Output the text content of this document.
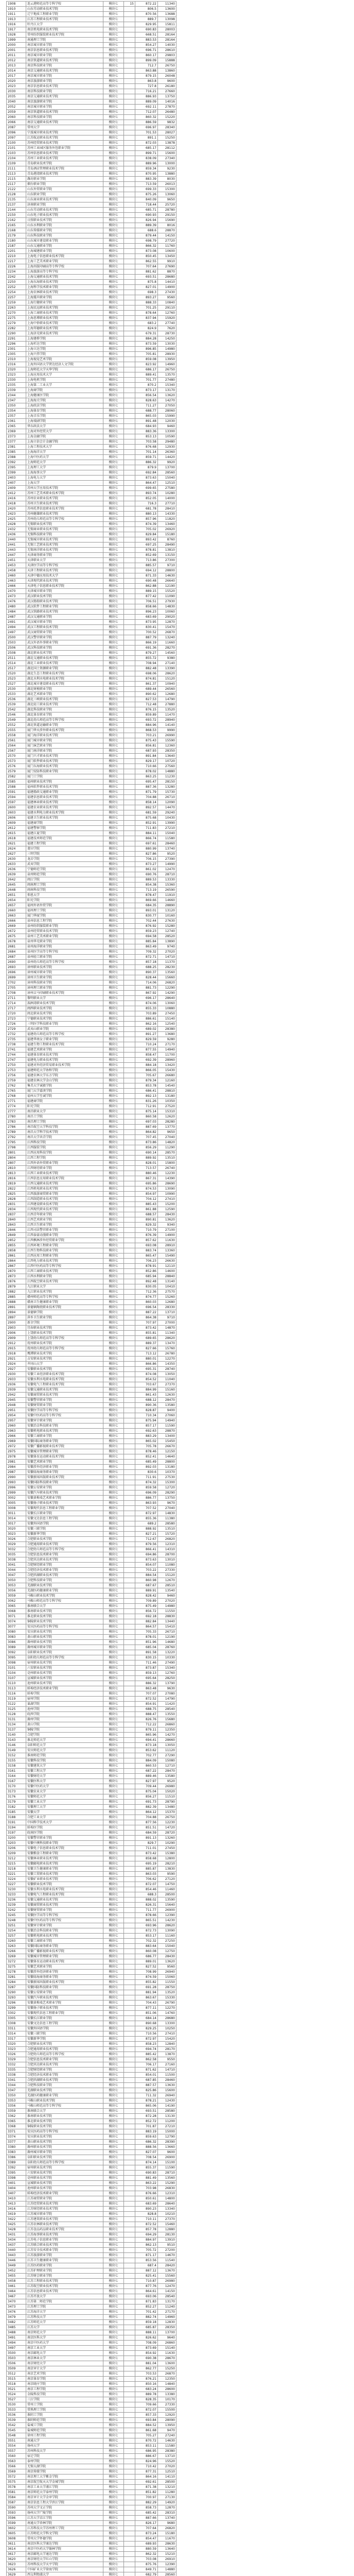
1908	连云港师范高等专科学校	模块七	15	872.22	11340
1910	山东劳动职业技术学院	模块七		806.5	13600
1911	辽宁地质工程职业学院	模块七		870.56	13688
1913	江苏工程职业技术学院	模块七		889.7	13098
1916	牡丹江大学	模块七		829.95	15811
1917	南京机电职业技术学院	模块七		690.83	28003
1928	常州纺织服装职业技术学院	模块七		668.51	28164
1999	南通理工学院	模块七		883.53	28164
2000	南京城市职业学院	模块七		854.27	14030
2001	南京信息职业技术学院	模块七		696.71	28610
2011	南京城市职业学院	模块七		860.17	29803
2012	南京铁道职业技术学院	模块七		899.09	15888
2013	南京科技职业学院	模块七		712.7	26750
2014	南京交通职业技术学院	模块七		863.88	13860
2017	南京城市职业学院	模块七		879.15	26048
2020	南京旅游职业学院	模块七		863.8	9600
2023	南京信息职业技术学院	模块七		727.8	26180
2030	南京科技职业学院	模块七		716.21	27660
2035	南京交通职业技术学院	模块七		886.93	13750
2040	南京旅游职业学院	模块七		889.09	14016
2052	南京城市职业学院	模块七		692.11	27870
2059	南京铁道职业技术学院	模块七		712.07	26480
2060	南京科技职业学院	模块七		860.32	15220
2066	南京交通职业技术学院	模块七		886.59	9832
2087	常州大学	模块七		696.97	28340
2096	宁波城市职业技术学院	模块七		701.53	28027
2097	江苏航运职业技术学院	模块七		891.1	15250
2100	苏州经贸职业技术学院	模块七		872.03	13878
2101	苏州工业园区服务外包职业学院	模块七		685.17	28112
2103	苏州信息职业技术学院	模块七		899.71	15600
2104	苏州工业职业技术学院	模块七		838.09	27340
2109	青岛职业技术学院	模块七		889.96	13000
2111	青岛酒店管理职业技术学院	模块七		859.34	9230
2113	青岛港湾职业技术学院	模块七		870.95	13880
2115	潍坊职业学院	模块七		883.39	8030
2117	烟台职业学院	模块七		713.59	26013
2122	山东外贸职业学院	模块七		699.33	15300
2128	山东职业学院	模块七		875.26	13060
2135	山东商业职业技术学院	模块七		840.09	9650
2137	济南职业学院	模块七		718.44	25720
2144	山东劳动职业技术学院	模块七		685.71	28780
2150	山东电子职业技术学院	模块七		690.93	29150
2162	日照职业技术学院	模块七		826.94	15690
2165	山东水利职业学院	模块七		889.39	8016
2168	山东传媒职业学院	模块七		688.6	28870
2179	山东科技职业学院	模块七		879.44	14150
2180	山东城市建设职业学院	模块七		698.79	27720
2187	山东交通职业学院	模块七		866.32	11760
2201	上海城建职业学院	模块七		873.08	10600
2210	上海电子信息职业技术学院	模块七		850.45	13450
2217	上海工艺美术职业学院	模块七		862.55	9910
2226	上海出版印刷高等专科学校	模块七		707.64	27690
2234	上海旅游高等专科学校	模块七		881.62	8870
2242	上海交通职业技术学院	模块七		693.51	28680
2250	上海东海职业技术学院	模块七		875.8	14410
2252	上海科学技术职业学院	模块七		827.01	14900
2254	上海农林职业技术学院	模块七		698.3	27430
2257	上海震旦职业学院	模块七		893.27	9560
2259	上海行健职业学院	模块七		888.33	10840
2263	上海民远职业技术学院	模块七		701.25	29110
2270	上海工商职业技术学院	模块七		878.64	12760
2275	上海思博职业技术学院	模块七		837.94	15920
2279	上海中侨职业技术学院	模块七		683.2	27740
2282	上海邦德职业技术学院	模块七		824.9	7620
2290	上海济光职业技术学院	模块七		679.31	28730
2291	上海建桥学院	模块七		884.28	14250
2296	上海杉达学院	模块七		873.59	13030
2301	上海立达学院	模块七		896.85	14980
2305	上海兴伟学院	模块七		705.81	28930
2310	上海视觉艺术学院	模块七		859.08	13950
2316	上海外国语大学贤达经济人文学院	模块七		823.92	14960
2320	上海师范大学天华学院	模块七		686.17	26750
2323	上海应用技术大学	模块七		889.41	13570
2330	上海电机学院	模块七		701.77	27480
2335	上海第二工业大学	模块七		870.2	15340
2339	上海商学院	模块七		873.17	13170
2344	上海健康医学院	模块七		856.54	13620
2347	上海海关学院	模块七		828.63	14270
2350	上海政法学院	模块七		711.27	27050
2354	上海体育学院	模块七		688.77	28060
2357	上海音乐学院	模块七		865.03	15990
2361	上海戏剧学院	模块七		891.48	12030
2365	华东政法大学	模块七		684.93	9460
2369	上海对外经贸大学	模块七		883.36	13300
2373	上海金融学院	模块七		853.13	10590
2377	上海立信会计金融学院	模块七		703.58	29480
2381	上海工程技术大学	模块七		876.68	12930
2385	上海海洋大学	模块七		701.14	26360
2388	上海中医药大学	模块七		859.71	14420
2392	上海师范大学	模块七		886.32	9920
2395	上海理工大学	模块七		879.9	13700
2399	上海海事大学	模块七		692.84	28560
2403	上海电力大学	模块七		873.63	15040
2407	上海大学	模块七		864.47	12510
2409	苏州大学应用技术学院	模块七		699.65	27580
2412	苏州工艺美术职业技术学院	模块七		893.74	10280
2416	苏州农业职业技术学院	模块七		852.05	14000
2418	苏州卫生职业技术学院	模块七		716.3	27710
2420	苏州托普信息职业技术学院	模块七		681.78	28410
2423	苏州健雄职业技术学院	模块七		880.13	14330
2425	苏州幼儿师范高等专科学校	模块七		857.96	11820
2428	无锡职业技术学院	模块七		874.39	13460
2432	无锡商业职业技术学院	模块七		705.02	26920
2436	无锡科技职业学院	模块七		829.84	15180
2440	无锡城市职业技术学院	模块七		893.42	8760
2441	无锡工艺职业技术学院	模块七		697.25	28490
2443	无锡南洋职业技术学院	模块七		878.81	13810
2447	天津商务职业学院	模块七		852.69	13150
2451	天津职业大学	模块七		713.86	27300
2453	天津医学高等专科学校	模块七		885.57	9710
2458	天津工程职业技术学院	模块七		694.12	28800
2460	天津中德应用技术大学	模块七		871.33	14630
2463	天津现代职业技术学院	模块七		690.48	26640
2466	天津电子信息职业技术学院	模块七		862.88	12190
2470	天津城市职业学院	模块七		889.15	15520
2473	武汉职业技术学院	模块七		877.42	11090
2476	武汉船舶职业技术学院	模块七		706.51	27930
2480	武汉软件工程职业学院	模块七		858.66	14830
2484	武汉铁路职业技术学院	模块七		896.23	10060
2487	武汉交通职业学院	模块七		683.69	29020
2491	武汉城市职业学院	模块七		873.95	12870
2494	武汉工程职业技术学院	模块七		830.41	15470
2497	武汉商贸职业学院	模块七		700.52	26870
2500	武汉警官职业学院	模块七		887.79	13240
2503	武汉外语外事职业学院	模块七		866.19	11660
2506	武汉科技职业学院	模块七		691.36	28270
2508	湖北职业技术学院	模块七		879.27	14560
2511	湖北交通职业技术学院	模块七		855.72	9380
2514	湖北工业职业技术学院	模块七		708.94	27140
2517	湖北国土资源职业学院	模块七		882.48	13390
2520	湖北生态工程职业技术学院	模块七		698.06	28620
2523	湖北水利水电职业技术学院	模块七		874.81	15120
2527	湖北城市建设职业技术学院	模块七		861.37	10940
2530	湖北财税职业学院	模块七		689.44	26560
2533	湖北艺术职业学院	模块七		890.62	12680
2536	湖北三峡职业技术学院	模块七		827.53	14790
2539	湖北轻工职业技术学院	模块七		712.48	27880
2542	湖北科技职业学院	模块七		876.15	13520
2546	湖北体育职业学院	模块七		859.89	11470
2549	湖北幼儿师范高等专科学校	模块七		693.72	28940
2552	湖北铁道运输职业学院	模块七		884.96	14140
2555	厦门华天涉外职业技术学院	模块七		868.53	9990
2558	厦门海洋职业技术学院	模块七		703.21	26990
2561	厦门城市职业学院	模块七		875.43	15590
2564	厦门演艺职业学院	模块七		856.81	12360
2567	厦门南洋职业学院	模块七		687.93	28350
2570	厦门兴才职业技术学院	模块七		891.84	13640
2573	厦门软件职业技术学院	模块七		829.17	10720
2576	厦门东海职业技术学院	模块七		710.66	27560
2579	厦门安防科技职业学院	模块七		878.02	14880
2582	厦门工学院	模块七		863.25	11230
2585	福州职业技术学院	模块七		695.47	28150
2588	福州软件职业技术学院	模块七		887.36	13280
2591	福建船政交通职业学院	模块七		871.79	15730
2594	福建信息职业技术学院	模块七		704.88	26710
2597	福建林业职业技术学院	模块七		858.14	12090
2600	福建农业职业技术学院	模块七		892.57	14470
2603	福建水利电力职业技术学院	模块七		681.59	29240
2606	福建卫生职业技术学院	模块七		875.68	10430
2609	福建商学院	模块七		852.91	13990
2612	福建警察学院	模块七		711.83	27210
2615	福建江夏学院	模块七		884.11	15040
2618	福建技术师范学院	模块七		866.74	11580
2621	福建工程学院	模块七		697.61	28460
2624	莆田学院	模块七		880.99	13740
2627	三明学院	模块七		827.86	9520
2630	龙岩学院	模块七		706.15	27390
2633	武夷学院	模块七		873.27	14990
2636	宁德师范学院	模块七		861.02	12470
2639	泉州师范学院	模块七		690.76	28710
2642	闽江学院	模块七		889.53	13330
2645	闽南理工学院	模块七		854.38	15360
2648	闽南科技学院	模块七		713.19	26590
2651	仰恩大学	模块七		878.47	11910
2654	阳光学院	模块七		869.66	14660
2657	福州外语外贸学院	模块七		684.35	28890
2660	福州理工学院	模块七		893.01	13120
2663	厦门华厦学院	模块七		830.77	10160
2666	泉州信息工程学院	模块七		702.44	27630
2669	泉州纺织服装职业学院	模块七		876.92	15280
2672	泉州经贸职业技术学院	模块七		859.23	12740
2675	泉州工艺美术职业学院	模块七		694.58	28520
2678	泉州华光职业学院	模块七		885.84	13890
2681	泉州海洋职业学院	模块七		863.49	9740
2684	泉州医学高等专科学校	模块七		709.32	27020
2687	泉州轻工职业学院	模块七		872.71	14710
2690	泉州幼儿师范高等专科学校	模块七		857.18	11370
2693	漳州职业技术学院	模块七		688.25	28230
2696	漳州城市职业学院	模块七		890.37	13560
2699	漳州卫生职业学院	模块七		828.44	15660
2702	漳州科技职业学院	模块七		714.06	26820
2705	漳州理工职业学院	模块七		881.73	12290
2708	漳州吉马印刷职业技术学院	模块七		867.92	14290
2711	黎明职业大学	模块七		696.17	28640
2714	湄洲湾职业技术学院	模块七		874.06	13060
2717	闽西职业技术学院	模块七		855.33	10880
2720	闽北职业技术学院	模块七		703.89	27450
2723	宁德职业技术学院	模块七		886.61	15140
2726	三明医学科技职业学院	模块七		862.16	12540
2729	武夷山职业学院	模块七		689.02	28380
2732	福建幼儿师范高等专科学校	模块七		891.27	13680
2735	福建华南女子职业学院	模块七		829.59	9280
2738	福建生物工程职业技术学院	模块七		710.24	27170
2741	福建艺术职业学院	模块七		877.55	14940
2744	福建体育职业技术学院	模块七		858.47	11700
2747	福建电力职业技术学院	模块七		692.39	28960
2750	福建对外经济贸易职业技术学院	模块七		884.18	13420
2753	福建师范大学协和学院	模块七		866.05	15430
2756	福建农林大学东方学院	模块七		705.67	26680
2759	福建农林大学金山学院	模块七		879.34	12160
2762	集美大学诚毅学院	模块七		853.78	14540
2765	厦门大学嘉庚学院	模块七		686.41	28810
2768	福州大学至诚学院	模块七		892.13	13180
2771	福建商学院	模块七		831.26	10350
2774	阳光学院	模块七		712.91	27520
2777	南昌职业大学	模块七		875.14	15310
2780	南昌工学院	模块七		860.58	12620
2783	南昌理工学院	模块七		697.03	28280
2786	南昌航空大学科技学院	模块七		887.69	13770
2789	南昌大学科学技术学院	模块七		864.82	9650
2792	南昌大学共青学院	模块七		707.45	27040
2795	江西科技学院	模块七		873.86	14820
2798	江西服装学院	模块七		856.29	11290
2801	江西应用科技学院	模块七		690.14	28570
2804	江西工程学院	模块七		889.92	13510
2807	江西外语外贸职业学院	模块七		828.01	15800
2810	江西财经职业学院	模块七		713.57	26740
2813	江西工业职业技术学院	模块七		880.46	12230
2816	江西信息应用职业技术学院	模块七		867.31	14390
2819	江西交通职业技术学院	模块七		695.86	28690
2822	江西机电职业技术学院	模块七		874.53	13090
2825	江西旅游商贸职业学院	模块七		854.97	10990
2828	江西制造职业技术学院	模块七		704.12	27410
2831	江西建设职业技术学院	模块七		885.43	15200
2834	江西现代职业技术学院	模块七		861.88	12590
2837	江西青年职业学院	模块七		688.57	28430
2840	江西艺术职业学院	模块七		890.81	13620
2843	江西卫生职业学院	模块七		829.32	9340
2846	江西司法警官职业学院	模块七		710.79	27100
2849	江西泰豪动漫职业学院	模块七		876.39	14900
2852	江西枫林涉外经贸职业学院	模块七		857.62	11630
2855	江西环境工程职业学院	模块七		693.08	28910
2858	江西生物科技职业学院	模块七		883.74	13360
2861	江西应用工程职业学院	模块七		865.47	15490
2864	江西电力职业技术学院	模块七		706.23	26630
2867	江西中医药高等专科学校	模块七		878.91	12110
2870	江西工商职业技术学院	模块七		852.86	14600
2873	江西水利职业学院	模块七		685.94	28840
2876	江西航空职业技术学院	模块七		892.48	13140
2879	九江职业大学	模块七		830.05	10410
2882	九江职业技术学院	模块七		712.36	27570
2885	赣州师范高等专科学校	模块七		874.77	15260
2888	赣南卫生健康职业学院	模块七		860.03	12680
2891	景德镇陶瓷职业技术学院	模块七		696.54	28330
2894	景德镇学院	模块七		887.22	13710
2897	萍乡卫生职业学院	模块七		864.38	9710
2900	新余学院	模块七		707.97	27000
2903	宜春职业技术学院	模块七		873.42	14870
2906	上饶职业技术学院	模块七		855.81	11340
2909	上饶幼儿师范高等专科学校	模块七		689.65	28620
2912	抚州职业技术学院	模块七		889.37	13470
2915	抚州幼儿师范高等专科学校	模块七		827.66	15760
2918	鹰潭职业技术学院	模块七		713.12	26780
2921	吉安职业技术学院	模块七		880.01	12270
2924	井冈山大学	模块七		866.86	14350
2927	安徽职业技术学院	模块七		695.31	28740
2930	安徽工业经济职业技术学院	模块七		874.08	13050
2933	安徽水利水电职业技术学院	模块七		854.52	11040
2936	安徽电气工程职业技术学院	模块七		703.67	27370
2939	安徽交通职业技术学院	模块七		884.99	15160
2942	安徽商贸职业技术学院	模块七		861.43	12630
2945	安徽警官职业学院	模块七		688.12	28470
2948	安徽财贸职业学院	模块七		890.36	13580
2951	安徽医学高等专科学校	模块七		828.87	9400
2954	安徽中医药高等专科学校	模块七		710.34	27060
2957	安徽审计职业学院	模块七		875.94	14940
2960	安徽冶金科技职业学院	模块七		857.17	11590
2963	安徽机电职业技术学院	模块七		692.63	28870
2966	安徽工商职业学院	模块七		883.29	13400
2969	安徽国际商务职业学院	模块七		865.02	15450
2972	安徽广播影视职业技术学院	模块七		705.78	26670
2975	安徽城市管理职业学院	模块七		878.46	12150
2978	安徽体育运动职业技术学院	模块七		852.41	14640
2981	安徽艺术职业学院	模块七		685.49	28800
2984	安徽涉外经济职业学院	模块七		892.03	13180
2987	安徽绿海商务职业学院	模块七		830.6	10370
2990	安徽新闻出版职业技术学院	模块七		711.91	27530
2993	安徽国防科技职业学院	模块七		874.32	15300
2996	安徽公安职业学院	模块七		859.58	12720
2999	安徽汽车职业技术学院	模块七		696.09	28290
3002	安徽黄梅戏艺术职业学院	模块七		886.77	13750
3005	安徽扬子职业技术学院	模块七		863.93	9670
3008	安徽现代信息工程职业学院	模块七		707.52	27040
3011	安徽长江职业学院	模块七		872.97	14830
3014	安徽文达信息工程学院	模块七		855.36	11380
3017	安徽外国语学院	模块七		689.2	28580
3020	安徽三联学院	模块七		888.92	13510
3023	安徽新华学院	模块七		827.21	15720
3026	合肥职业技术学院	模块七		712.67	26820
3029	合肥通用职业技术学院	模块七		879.56	12310
3032	合肥幼儿师范高等专科学校	模块七		866.41	14310
3035	合肥信息技术职业学院	模块七		694.86	28700
3038	合肥共达职业技术学院	模块七		873.63	13010
3041	合肥财经职业学院	模块七		854.07	11080
3044	合肥经济技术职业学院	模块七		703.22	27330
3047	合肥滨湖职业技术学院	模块七		884.54	15120
3050	合肥科技职业学院	模块七		860.98	12670
3053	芜湖职业技术学院	模块七		687.67	28510
3056	芜湖医药健康职业学院	模块七		889.91	13540
3059	马鞍山职业技术学院	模块七		828.42	9460
3062	马鞍山师范高等专科学校	模块七		709.89	27020
3065	淮南联合大学	模块七		875.49	14980
3068	淮南职业技术学院	模块七		856.72	11550
3071	淮北职业技术学院	模块七		692.18	28830
3074	铜陵职业技术学院	模块七		882.84	13440
3077	安庆医药高等专科学校	模块七		864.57	15410
3080	安庆职业技术学院	模块七		705.33	26710
3083	黄山职业技术学院	模块七		878.01	12190
3086	滁州职业技术学院	模块七		851.96	14680
3089	滁州城市职业学院	模块七		685.04	28760
3092	阜阳职业技术学院	模块七		891.58	13220
3095	阜阳幼儿师范高等专科学校	模块七		830.15	10330
3098	宿州职业技术学院	模块七		711.46	27490
3101	六安职业技术学院	模块七		873.87	15340
3104	亳州职业技术学院	模块七		859.13	12760
3107	宣城职业技术学院	模块七		695.64	28250
3110	池州职业技术学院	模块七		886.32	13790
3113	蚌埠经济技术职业学院	模块七		863.48	9630
3116	蚌埠学院	模块七		707.07	27080
3119	宿州学院	模块七		872.52	14790
3122	巢湖学院	模块七		854.91	11420
3125	池州学院	模块七		688.75	28540
3128	皖西学院	模块七		888.47	13550
3131	滁州学院	模块七		826.76	15680
3134	黄山学院	模块七		712.22	26860
3137	铜陵学院	模块七		879.11	12350
3140	合肥学院	模块七		865.96	14270
3143	淮北师范大学	模块七		694.41	28660
3146	阜阳师范大学	模块七		873.18	13050
3149	安庆师范大学	模块七		853.62	11120
3152	淮南师范学院	模块七		702.77	27290
3155	安徽科技学院	模块七		884.09	15080
3158	安徽建筑大学	模块七		860.53	12710
3161	安徽工程大学	模块七		687.22	28470
3164	安徽财经大学	模块七		889.46	13580
3167	安徽医科大学	模块七		827.97	9520
3170	安徽中医药大学	模块七		709.44	26980
3173	安徽农业大学	模块七		875.04	15020
3176	安徽师范大学	模块七		856.27	11510
3179	安徽工业大学	模块七		691.73	28790
3182	安徽理工大学	模块七		882.39	13480
3185	安徽大学	模块七		864.12	15370
3188	合肥工业大学	模块七		704.88	26750
3191	中国科学技术大学	模块七		877.56	12230
3194	蚌埠医学院	模块七		851.51	14720
3197	皖南医学院	模块七		684.59	28720
3200	安徽警官职业学院	模块七		891.13	13260
3203	安徽中澳科技职业学院	模块七		829.7	10290
3206	安徽电子信息职业技术学院	模块七		711.01	27450
3209	安徽粮食工程职业学院	模块七		873.42	15380
3212	安徽林业职业技术学院	模块七		858.68	12800
3215	安徽邮电职业技术学院	模块七		695.19	28210
3218	安徽卫生健康职业学院	模块七		885.87	13830
3221	安徽工贸职业技术学院	模块七		863.03	9590
3224	安徽矿业职业技术学院	模块七		706.62	27120
3227	安徽职业技术学院	模块七		872.07	14750
3230	安徽水利水电职业技术学院	模块七		854.46	11460
3233	安徽电气工程职业技术学院	模块七		688.3	28500
3236	安徽交通职业技术学院	模块七		888.02	13590
3239	安徽商贸职业技术学院	模块七		826.31	15640
3242	安徽财贸职业学院	模块七		711.77	26900
3245	安徽医学高等专科学校	模块七		878.66	12390
3248	安徽中医药高等专科学校	模块七		865.51	14230
3251	安徽审计职业学院	模块七		693.96	28620
3254	安徽冶金科技职业学院	模块七		872.73	13090
3257	安徽机电职业技术学院	模块七		853.17	11160
3260	安徽工商职业学院	模块七		702.32	27250
3263	安徽国际商务职业学院	模块七		883.64	15040
3266	安徽广播影视职业技术学院	模块七		860.08	12750
3269	安徽城市管理职业学院	模块七		686.77	28430
3272	安徽体育运动职业技术学院	模块七		889.01	13620
3275	安徽艺术职业学院	模块七		827.52	9560
3278	安徽涉外经济职业学院	模块七		708.99	26940
3281	安徽绿海商务职业学院	模块七		874.59	15060
3284	安徽新闻出版职业技术学院	模块七		855.82	11550
3287	安徽国防科技职业学院	模块七		691.28	28750
3290	安徽公安职业学院	模块七		881.94	13520
3293	安徽汽车职业技术学院	模块七		863.67	15330
3296	安徽黄梅戏艺术职业学院	模块七		704.43	26790
3299	安徽扬子职业技术学院	模块七		877.11	12270
3302	安徽现代信息工程职业学院	模块七		851.06	14760
3305	安徽长江职业学院	模块七		684.14	28680
3308	安徽文达信息工程学院	模块七		890.68	13300
3311	安徽外国语学院	模块七		829.25	10250
3314	安徽三联学院	模块七		710.56	27410
3317	安徽新华学院	模块七		872.97	15420
3320	合肥职业技术学院	模块七		858.23	12840
3323	合肥通用职业技术学院	模块七		694.74	28170
3326	合肥幼儿师范高等专科学校	模块七		885.42	13870
3329	合肥信息技术职业学院	模块七		862.58	9550
3332	合肥共达职业技术学院	模块七		706.17	27160
3335	合肥财经职业学院	模块七		871.62	14710
3338	合肥经济技术职业学院	模块七		854.01	11500
3341	合肥滨湖职业技术学院	模块七		687.85	28460
3344	合肥科技职业学院	模块七		887.57	13630
3347	芜湖职业技术学院	模块七		825.86	15600
3350	芜湖医药健康职业学院	模块七		711.32	26940
3353	马鞍山职业技术学院	模块七		878.21	12430
3356	马鞍山师范高等专科学校	模块七		865.06	14190
3359	淮南联合大学	模块七		693.51	28580
3362	淮南职业技术学院	模块七		872.28	13130
3365	淮北职业技术学院	模块七		852.72	11200
3368	铜陵职业技术学院	模块七		701.87	27210
3371	安庆医药高等专科学校	模块七		883.19	15000
3374	安庆职业技术学院	模块七		859.63	12790
3377	黄山职业技术学院	模块七		686.32	28390
3380	滁州职业技术学院	模块七		888.56	13660
3383	滁州城市职业学院	模块七		827.07	9600
3386	阜阳职业技术学院	模块七		708.54	26900
3389	阜阳幼儿师范高等专科学校	模块七		874.14	15100
3392	宿州职业技术学院	模块七		855.37	11590
3395	六安职业技术学院	模块七		690.83	28710
3398	亳州职业技术学院	模块七		881.49	13560
3401	宣城职业技术学院	模块七		863.22	15290
3404	池州职业技术学院	模块七		703.98	26830
3407	蚌埠经济技术职业学院	模块七		876.66	12310
3410	江苏商贸职业学院	模块七		850.61	14800
3413	江苏经贸职业技术学院	模块七		683.69	28640
3416	江苏财经职业技术学院	模块七		890.23	13340
3419	江苏城市职业学院	模块七		828.8	10210
3422	江苏建筑职业技术学院	模块七		710.11	27370
3425	江苏农林职业技术学院	模块七		872.52	15460
3428	江苏食品药品职业技术学院	模块七		857.78	12880
3431	江苏海事职业技术学院	模块七		694.29	28130
3434	江苏电子信息职业学院	模块七		884.97	13910
3437	江苏联合职业技术学院	模块七		862.13	9510
3440	江苏安全技术职业学院	模块七		705.72	27200
3443	江苏旅游职业学院	模块七		871.17	14670
3446	江苏卫生健康职业学院	模块七		853.56	11540
3449	江苏医药职业学院	模块七		687.4	28420
3452	江苏护理职业学院	模块七		887.12	13670
3455	江苏财会职业学院	模块七		825.41	15560
3458	江苏工程职业技术学院	模块七		710.87	26980
3461	江苏航空职业技术学院	模块七		877.76	12470
3464	江苏信息职业技术学院	模块七		864.61	14150
3467	江苏开放大学	模块七		693.06	28540
3470	江苏第二师范学院	模块七		871.83	13170
3473	江苏理工学院	模块七		852.27	11240
3476	江苏海洋大学	模块七		701.42	27170
3479	江苏科技大学	模块七		882.74	14960
3482	江苏师范大学	模块七		859.18	12830
3485	江苏大学	模块七		685.87	28350
3488	南京师范大学	模块七		888.11	13700
3491	南京医科大学	模块七		826.62	9640
3494	南京中医药大学	模块七		708.09	26860
3497	南京工业大学	模块七		873.69	15140
3500	南京邮电大学	模块七		854.92	11630
3503	南京林业大学	模块七		690.38	28670
3506	南京财经大学	模块七		881.04	13600
3509	南京审计大学	模块七		862.77	15250
3512	南京艺术学院	模块七		703.53	26870
3515	南京体育学院	模块七		876.21	12350
3518	南京晓庄学院	模块七		850.16	14840
3521	南京工程学院	模块七		683.24	28600
3524	金陵科技学院	模块七		889.78	13380
3527	三江学院	模块七		828.35	10170
3530	常州工学院	模块七		709.66	27330
3533	常熟理工学院	模块七		872.07	15500
3536	淮阴工学院	模块七		857.33	12920
3539	淮阴师范学院	模块七		693.84	28090
3542	盐城工学院	模块七		884.52	13950
3545	盐城师范学院	模块七		861.68	9470
3548	徐州工程学院	模块七		705.27	27240
3551	南通大学	模块七		870.72	14630
3554	扬州大学	模块七		853.11	11580
3557	苏州科技大学	模块七		686.95	28380
3560	宿迁学院	模块七		886.67	13710
3563	泰州学院	模块七		824.96	15520
3566	无锡太湖学院	模块七		710.42	27020
3569	南京传媒学院	模块七		877.31	12510
3572	南京理工大学紫金学院	模块七		864.16	14110
3575	南京航空航天大学金城学院	模块七		692.61	28500
3578	南京工业大学浦江学院	模块七		871.38	13210
3581	南京师范大学泰州学院	模块七		851.82	11280
3584	南京审计大学金审学院	模块七		700.97	27130
3587	南京信息工程大学滨江学院	模块七		882.29	14920
3590	苏州大学文正学院	模块七		858.73	12870
3593	扬州大学广陵学院	模块七		685.42	28310
3596	江苏大学京江学院	模块七		887.66	13740
3599	南通大学杏林学院	模块七		826.17	9680
3602	江苏科技大学苏州理工学院	模块七		707.64	26820
3605	江苏师范大学科文学院	模块七		873.24	15180
3608	常州大学怀德学院	模块七		854.47	11670
3611	南京医科大学康达学院	模块七		689.93	28630
3614	南京中医药大学翰林学院	模块七		880.59	13640
3617	南京邮电大学通达学院	模块七		862.32	15210
3620	南京财经大学红山学院	模块七		703.08	26910
3623	苏州科技大学天平学院	模块七		875.76	12390
3626	中国矿业大学徐海学院	模块七		849.71	14880
3629	西交利物浦大学	模块七		682.79	28560
